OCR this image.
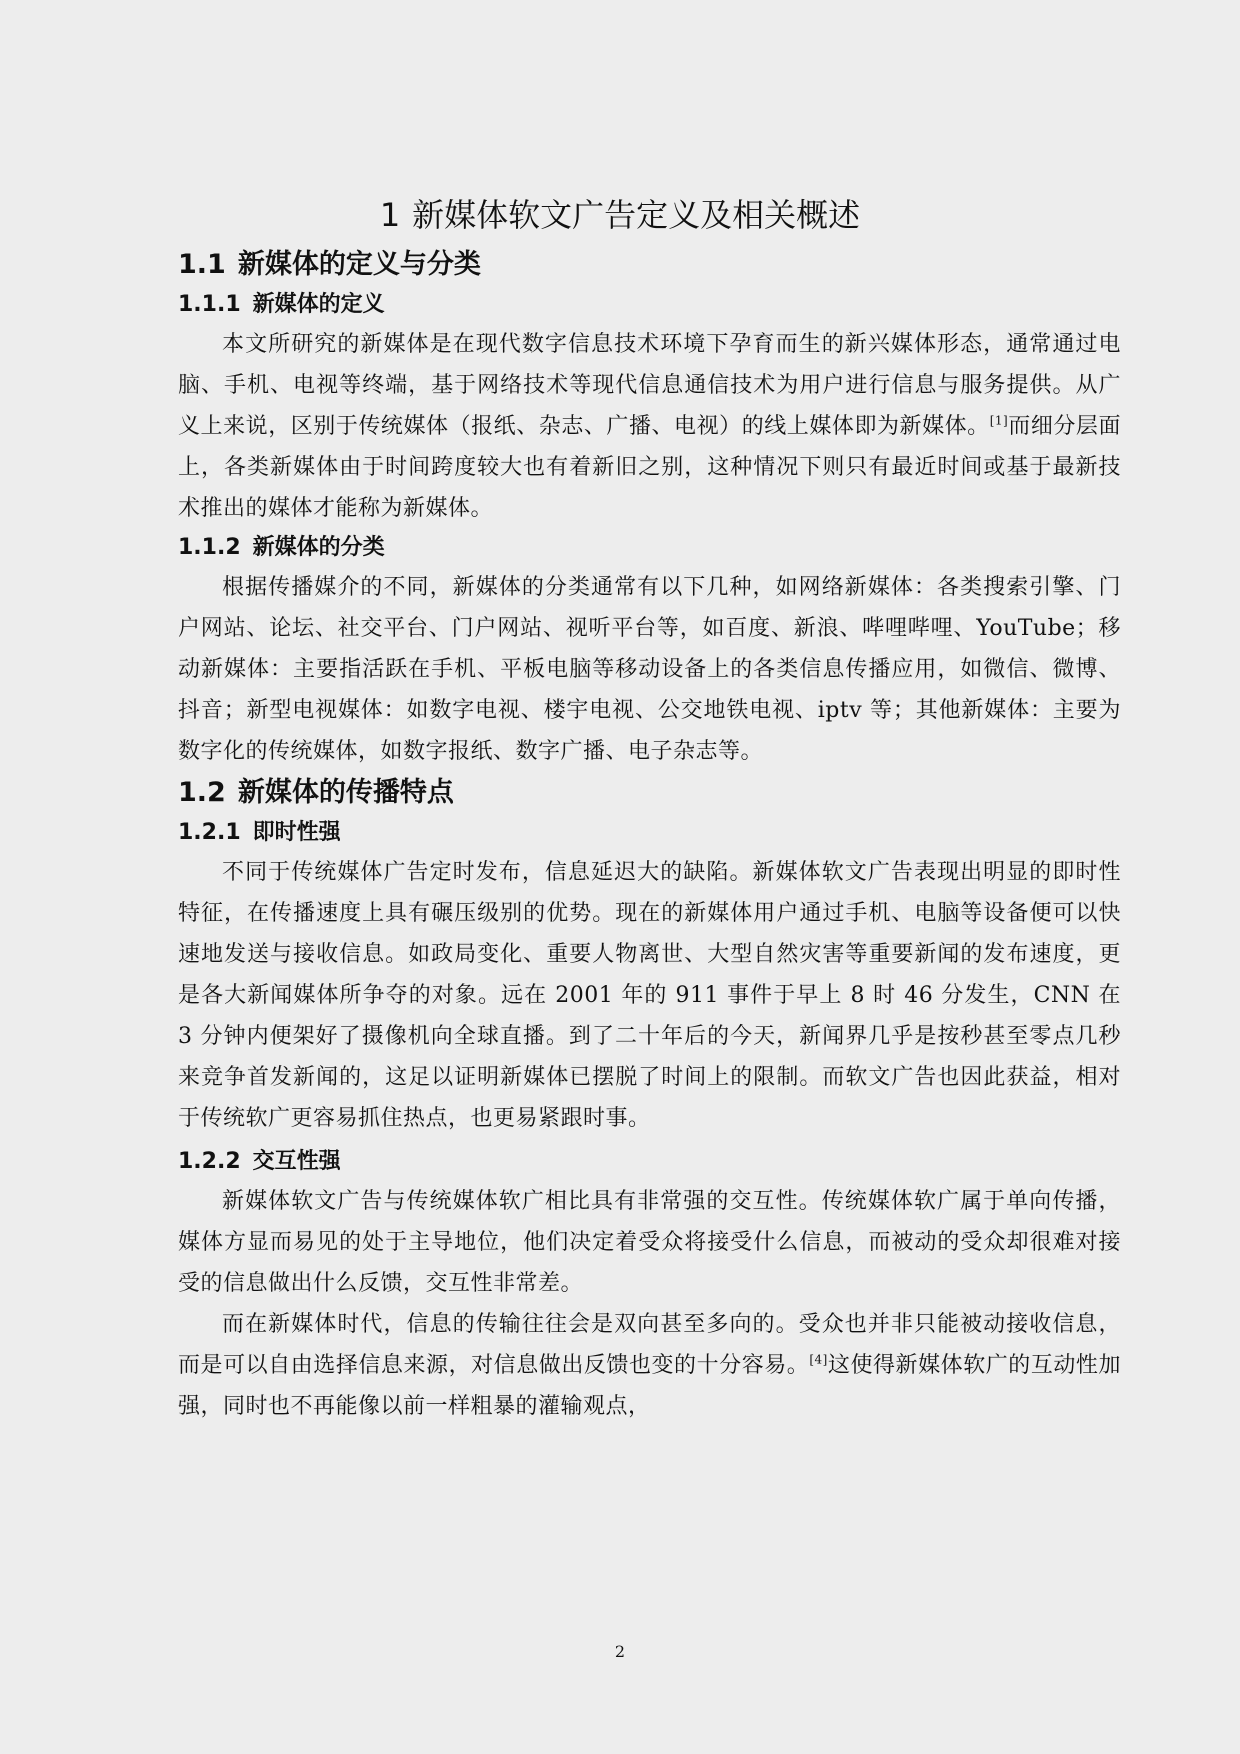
1 新媒体软文广告定义及相关概述
1.1 新媒体的定义与分类
1.1.1 新媒体的定义

本文所研究的新媒体是在现代数字信息技术环境下孕育而生的新兴媒体形态，通常通过电脑、手机、电视等终端，基于网络技术等现代信息通信技术为用户进行信息与服务提供。从广义上来说，区别于传统媒体（报纸、杂志、广播、电视）的线上媒体即为新媒体。[1]而细分层面上，各类新媒体由于时间跨度较大也有着新旧之别，这种情况下则只有最近时间或基于最新技术推出的媒体才能称为新媒体。

1.1.2 新媒体的分类

根据传播媒介的不同，新媒体的分类通常有以下几种，如网络新媒体：各类搜索引擎、门户网站、论坛、社交平台、门户网站、视听平台等，如百度、新浪、哔哩哔哩、YouTube；移动新媒体：主要指活跃在手机、平板电脑等移动设备上的各类信息传播应用，如微信、微博、抖音；新型电视媒体：如数字电视、楼宇电视、公交地铁电视、iptv 等；其他新媒体：主要为数字化的传统媒体，如数字报纸、数字广播、电子杂志等。

1.2 新媒体的传播特点
1.2.1 即时性强

不同于传统媒体广告定时发布，信息延迟大的缺陷。新媒体软文广告表现出明显的即时性特征，在传播速度上具有碾压级别的优势。现在的新媒体用户通过手机、电脑等设备便可以快速地发送与接收信息。如政局变化、重要人物离世、大型自然灾害等重要新闻的发布速度，更是各大新闻媒体所争夺的对象。远在 2001 年的 911 事件于早上 8 时 46 分发生，CNN 在 3 分钟内便架好了摄像机向全球直播。到了二十年后的今天，新闻界几乎是按秒甚至零点几秒来竞争首发新闻的，这足以证明新媒体已摆脱了时间上的限制。而软文广告也因此获益，相对于传统软广更容易抓住热点，也更易紧跟时事。

1.2.2 交互性强

新媒体软文广告与传统媒体软广相比具有非常强的交互性。传统媒体软广属于单向传播，媒体方显而易见的处于主导地位，他们决定着受众将接受什么信息，而被动的受众却很难对接受的信息做出什么反馈，交互性非常差。

而在新媒体时代，信息的传输往往会是双向甚至多向的。受众也并非只能被动接收信息，而是可以自由选择信息来源，对信息做出反馈也变的十分容易。[4]这使得新媒体软广的互动性加强，同时也不再能像以前一样粗暴的灌输观点，

2
